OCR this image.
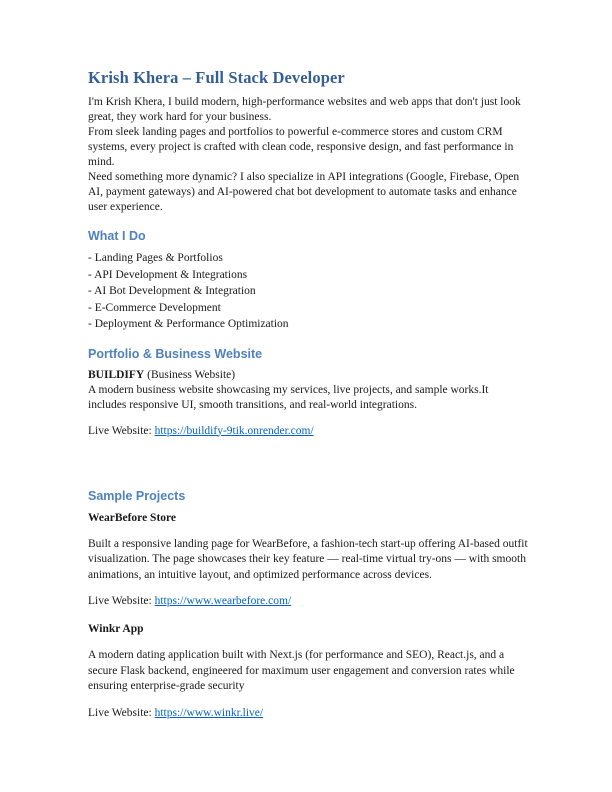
Krish Khera – Full Stack Developer

I'm Krish Khera, I build modern, high-performance websites and web apps that don't just look great, they work hard for your business.

From sleek landing pages and portfolios to powerful e-commerce stores and custom CRM systems, every project is crafted with clean code, responsive design, and fast performance in mind.

Need something more dynamic? I also specialize in API integrations (Google, Firebase, Open AI, payment gateways) and AI-powered chat bot development to automate tasks and enhance user experience.

What I Do
- Landing Pages & Portfolios
- API Development & Integrations
- AI Bot Development & Integration
- E-Commerce Development
- Deployment & Performance Optimization
Portfolio & Business Website

BUILDIFY (Business Website)

A modern business website showcasing my services, live projects, and sample works.It includes responsive UI, smooth transitions, and real-world integrations.

Live Website: https://buildify-9tik.onrender.com/

Sample Projects

WearBefore Store

Built a responsive landing page for WearBefore, a fashion-tech start-up offering AI-based outfit visualization. The page showcases their key feature — real-time virtual try-ons — with smooth animations, an intuitive layout, and optimized performance across devices.

Live Website: https://www.wearbefore.com/

Winkr App

A modern dating application built with Next.js (for performance and SEO), React.js, and a secure Flask backend, engineered for maximum user engagement and conversion rates while ensuring enterprise-grade security

Live Website: https://www.winkr.live/
